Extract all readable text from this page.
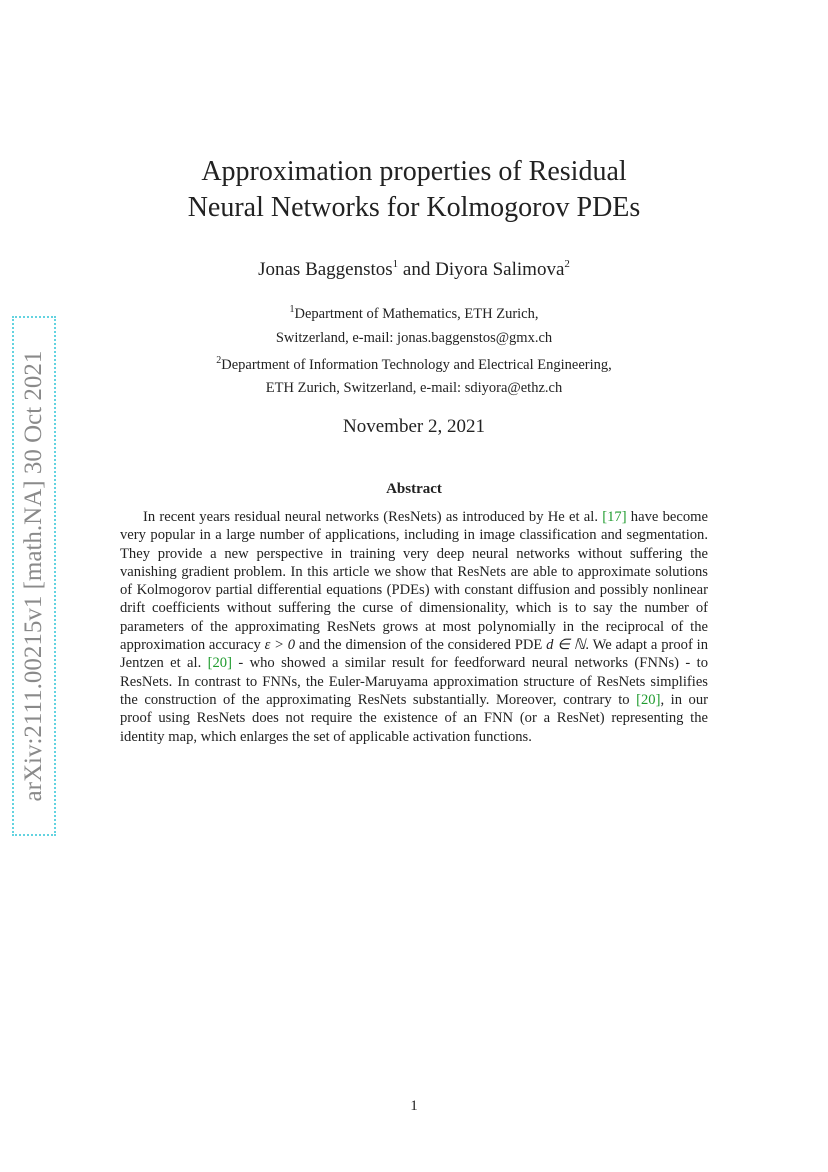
arXiv:2111.00215v1 [math.NA] 30 Oct 2021
Approximation properties of Residual
Neural Networks for Kolmogorov PDEs
Jonas Baggenstos$^1$ and Diyora Salimova$^2$
$^1$Department of Mathematics, ETH Zurich,
Switzerland, e-mail: jonas.baggenstos@gmx.ch
$^2$Department of Information Technology and Electrical Engineering,
ETH Zurich, Switzerland, e-mail: sdiyora@ethz.ch
November 2, 2021
Abstract

In recent years residual neural networks (ResNets) as introduced by He et al. [17] have become very popular in a large number of applications, including in image classification and segmentation. They provide a new perspective in training very deep neural networks without suffering the vanishing gradient problem. In this article we show that ResNets are able to approximate solutions of Kolmogorov partial differential equations (PDEs) with constant diffusion and possibly nonlinear drift coefficients without suffering the curse of dimensionality, which is to say the number of parameters of the approximating ResNets grows at most polynomially in the reciprocal of the approximation accuracy ε > 0 and the dimension of the considered PDE d ∈ ℕ. We adapt a proof in Jentzen et al. [20] - who showed a similar result for feedforward neural networks (FNNs) - to ResNets. In contrast to FNNs, the Euler-Maruyama approximation structure of ResNets simplifies the construction of the approximating ResNets substantially. Moreover, contrary to [20], in our proof using ResNets does not require the existence of an FNN (or a ResNet) representing the identity map, which enlarges the set of applicable activation functions.

1
